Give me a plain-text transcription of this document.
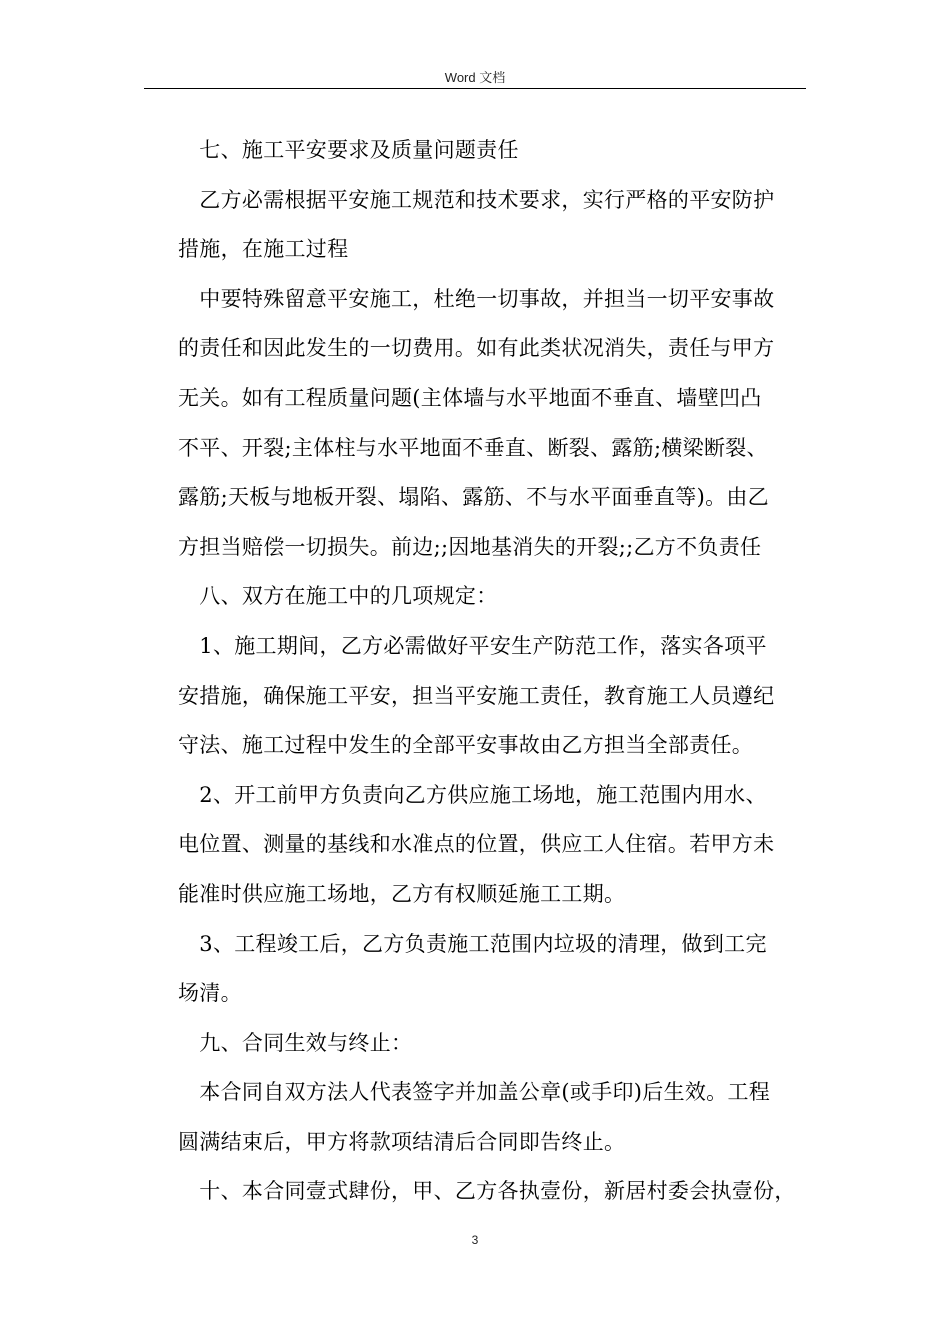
Word 文档
　七、施工平安要求及质量问题责任
　乙方必需根据平安施工规范和技术要求，实行严格的平安防护
措施，在施工过程
　中要特殊留意平安施工，杜绝一切事故，并担当一切平安事故
的责任和因此发生的一切费用。如有此类状况消失，责任与甲方
无关。如有工程质量问题(主体墙与水平地面不垂直、墙壁凹凸
不平、开裂;主体柱与水平地面不垂直、断裂、露筋;横梁断裂、
露筋;天板与地板开裂、塌陷、露筋、不与水平面垂直等)。由乙
方担当赔偿一切损失。前边;;因地基消失的开裂;;乙方不负责任
　八、双方在施工中的几项规定：
　1、施工期间，乙方必需做好平安生产防范工作，落实各项平
安措施，确保施工平安，担当平安施工责任，教育施工人员遵纪
守法、施工过程中发生的全部平安事故由乙方担当全部责任。
　2、开工前甲方负责向乙方供应施工场地，施工范围内用水、
电位置、测量的基线和水准点的位置，供应工人住宿。若甲方未
能准时供应施工场地，乙方有权顺延施工工期。
　3、工程竣工后，乙方负责施工范围内垃圾的清理，做到工完
场清。
　九、合同生效与终止：
　本合同自双方法人代表签字并加盖公章(或手印)后生效。工程
圆满结束后，甲方将款项结清后合同即告终止。
　十、本合同壹式肆份，甲、乙方各执壹份，新居村委会执壹份，
3
